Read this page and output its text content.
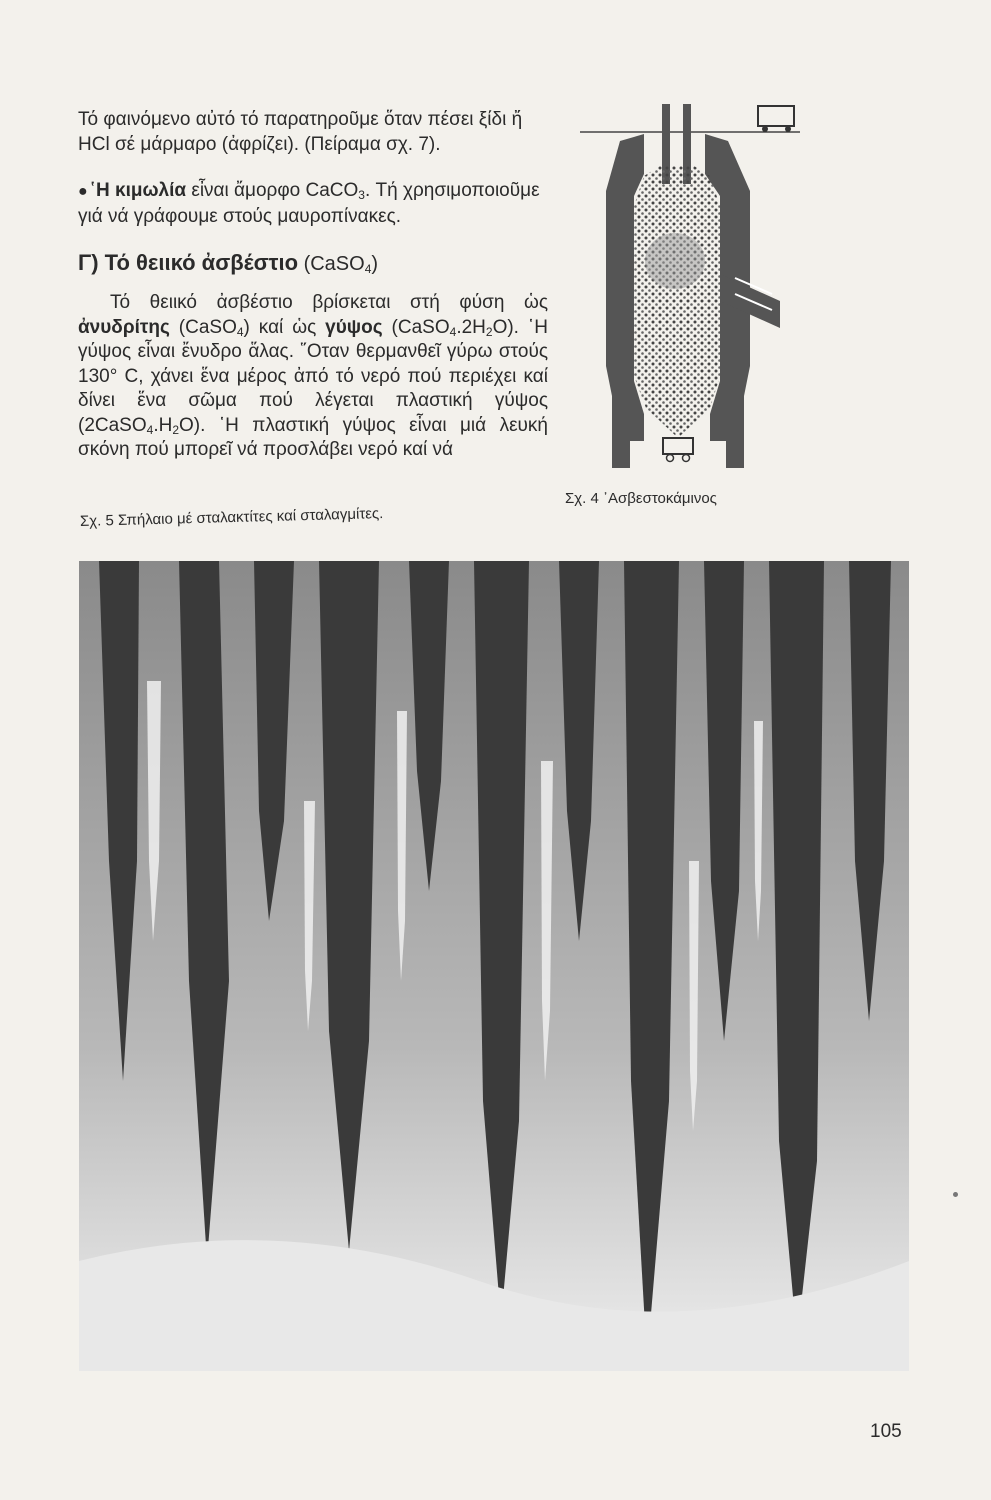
Τό φαινόμενο αὐτό τό παρατηροῦμε ὅταν πέσει ξίδι ἤ HCl σέ μάρμαρο (ἀφρίζει). (Πείραμα σχ. 7).

● ῾Η κιμωλία εἶναι ἄμορφο CaCO$_3$. Τή χρησιμοποιοῦμε γιά νά γράφουμε στούς μαυροπίνακες.

Γ) Τό θειικό ἀσβέστιο (CaSO$_4$)

Τό θειικό ἀσβέστιο βρίσκεται στή φύση ὡς ἀνυδρίτης (CaSO$_4$) καί ὡς γύψος $(CaSO_4.2H_2O)$. ῾Η γύψος εἶναι ἔνυδρο ἅλας. ῞Οταν θερμανθεῖ γύρω στούς 130° C, χάνει ἕνα μέρος ἀπό τό νερό πού περιέχει καί δίνει ἕνα σῶμα πού λέγεται πλαστική γύψος $(2CaSO_4.H_2O)$. ῾Η πλαστική γύψος εἶναι μιά λευκή σκόνη πού μπορεῖ νά προσλάβει νερό καί νά

Σχ. 4 ᾿Ασβεστοκάμινος
Σχ. 5 Σπήλαιο μέ σταλακτίτες καί σταλαγμίτες.
105
